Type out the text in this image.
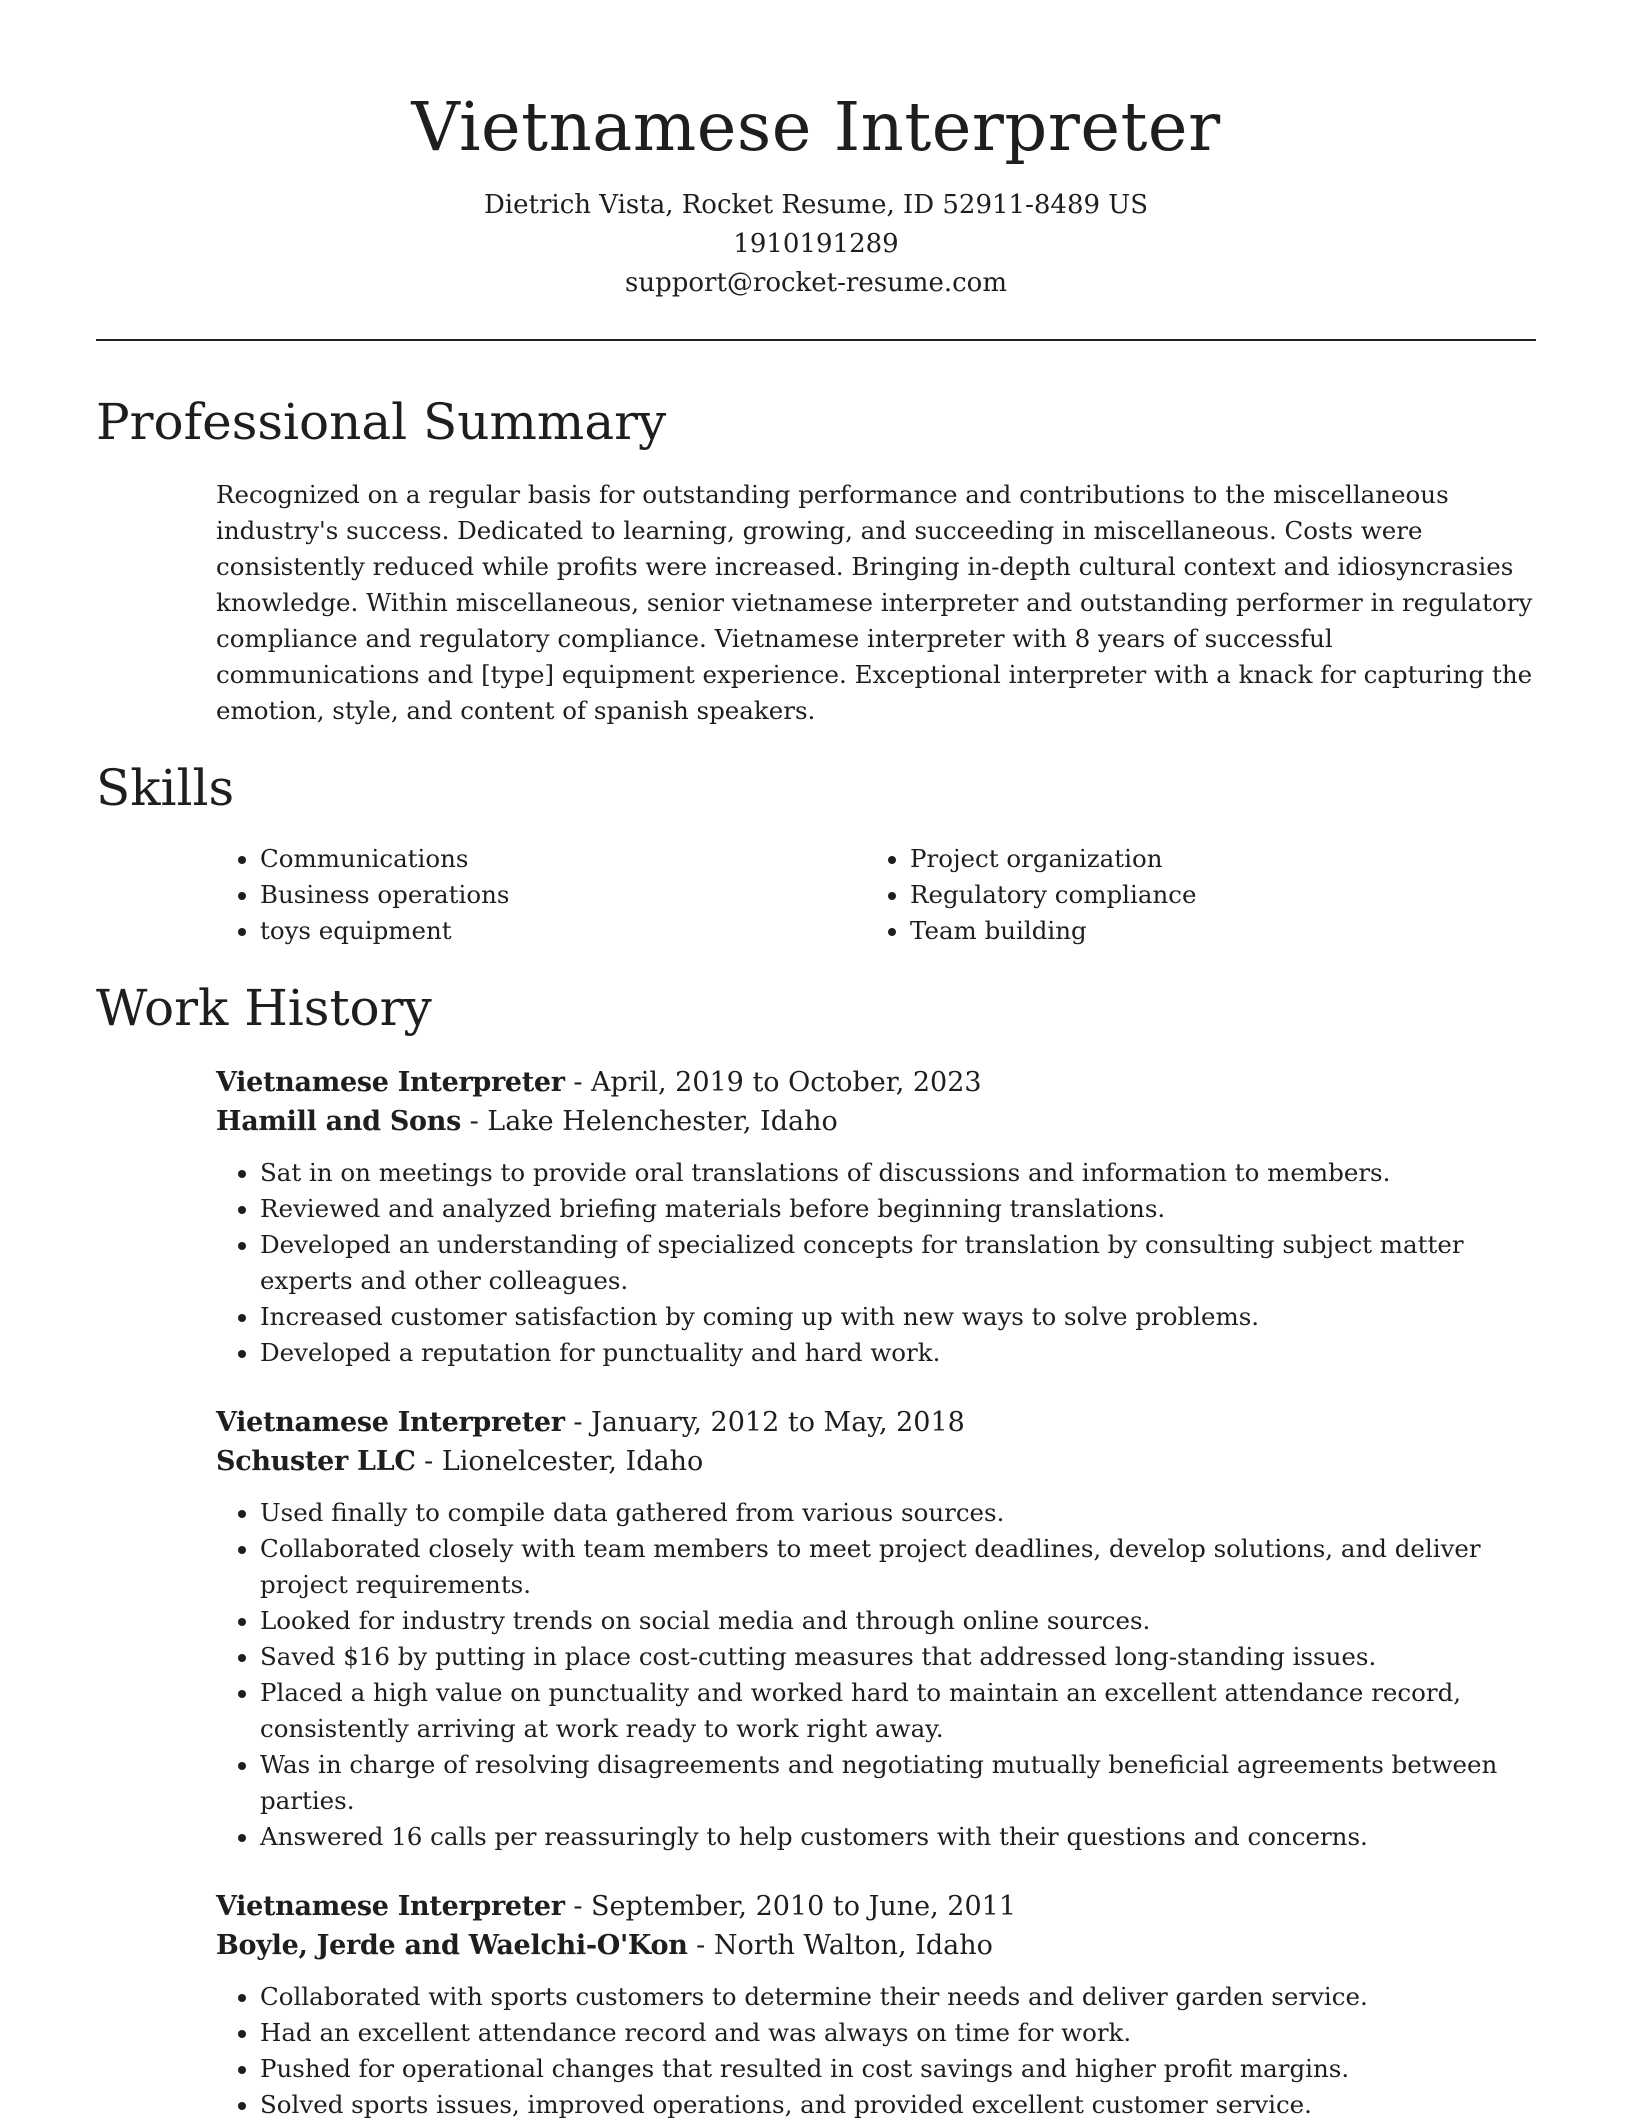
Vietnamese Interpreter
Dietrich Vista, Rocket Resume, ID 52911-8489 US
1910191289
support@rocket-resume.com
Professional Summary
Recognized on a regular basis for outstanding performance and contributions to the miscellaneous industry's success. Dedicated to learning, growing, and succeeding in miscellaneous. Costs were consistently reduced while profits were increased. Bringing in-depth cultural context and idiosyncrasies knowledge. Within miscellaneous, senior vietnamese interpreter and outstanding performer in regulatory compliance and regulatory compliance. Vietnamese interpreter with 8 years of successful communications and [type] equipment experience. Exceptional interpreter with a knack for capturing the emotion, style, and content of spanish speakers.
Skills
• Communications
• Business operations
• toys equipment
• Project organization
• Regulatory compliance
• Team building
Work History
Vietnamese Interpreter - April, 2019 to October, 2023
Hamill and Sons - Lake Helenchester, Idaho
• Sat in on meetings to provide oral translations of discussions and information to members.
• Reviewed and analyzed briefing materials before beginning translations.
• Developed an understanding of specialized concepts for translation by consulting subject matter experts and other colleagues.
• Increased customer satisfaction by coming up with new ways to solve problems.
• Developed a reputation for punctuality and hard work.
Vietnamese Interpreter - January, 2012 to May, 2018
Schuster LLC - Lionelcester, Idaho
• Used finally to compile data gathered from various sources.
• Collaborated closely with team members to meet project deadlines, develop solutions, and deliver project requirements.
• Looked for industry trends on social media and through online sources.
• Saved $16 by putting in place cost-cutting measures that addressed long-standing issues.
• Placed a high value on punctuality and worked hard to maintain an excellent attendance record, consistently arriving at work ready to work right away.
• Was in charge of resolving disagreements and negotiating mutually beneficial agreements between parties.
• Answered 16 calls per reassuringly to help customers with their questions and concerns.
Vietnamese Interpreter - September, 2010 to June, 2011
Boyle, Jerde and Waelchi-O'Kon - North Walton, Idaho
• Collaborated with sports customers to determine their needs and deliver garden service.
• Had an excellent attendance record and was always on time for work.
• Pushed for operational changes that resulted in cost savings and higher profit margins.
• Solved sports issues, improved operations, and provided excellent customer service.
